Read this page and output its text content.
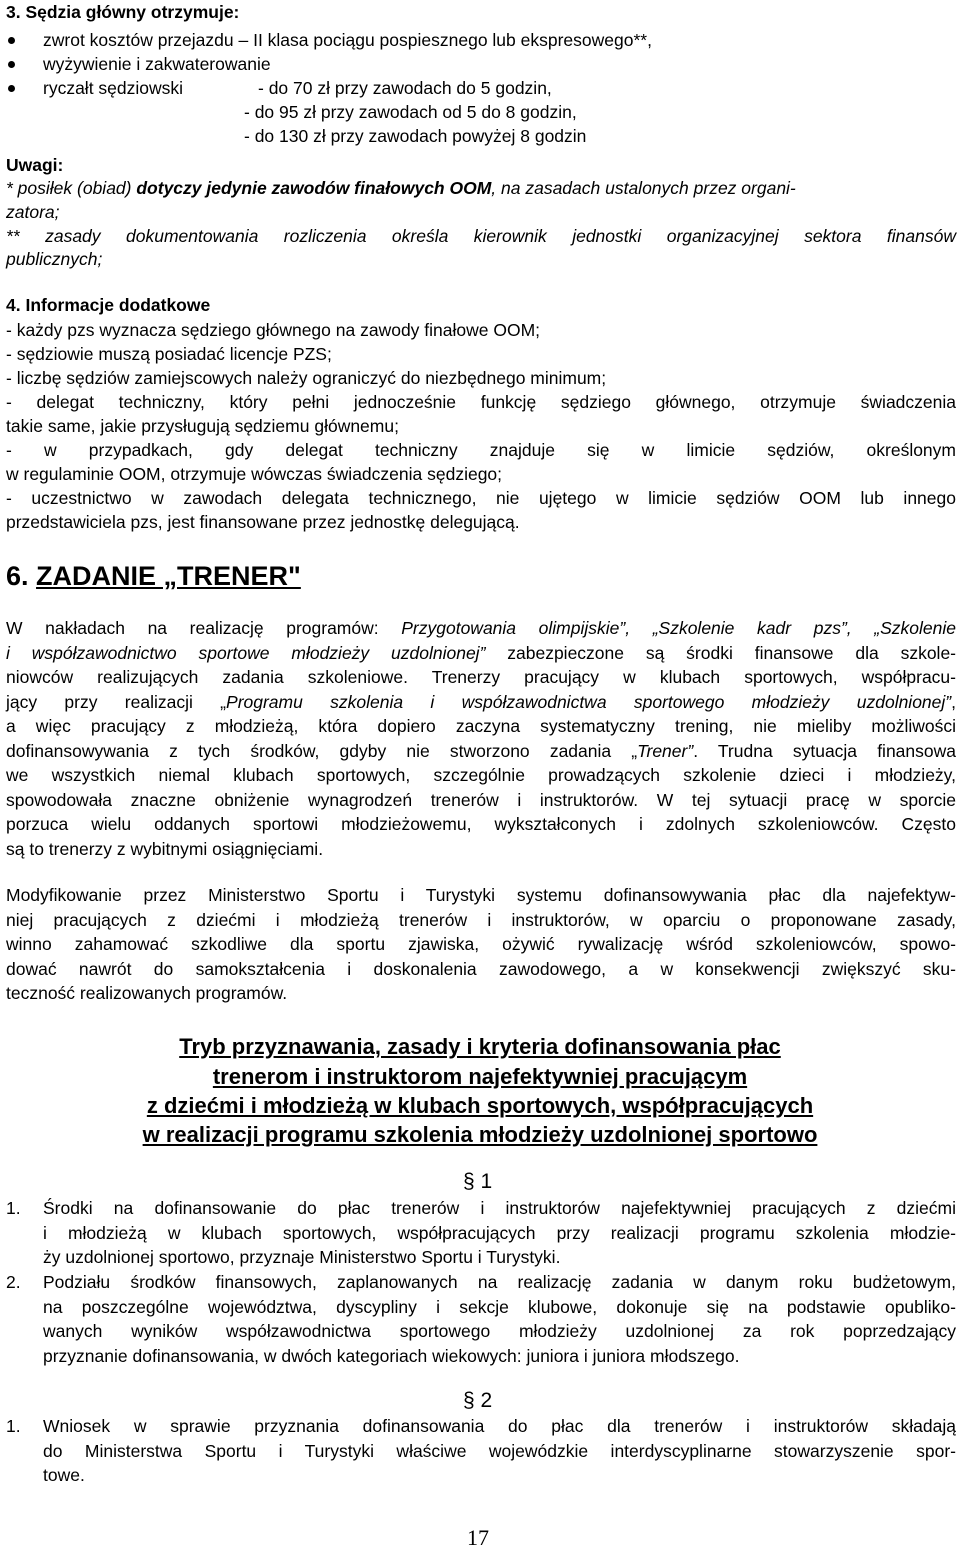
3. Sędzia główny otrzymuje:
zwrot kosztów przejazdu – II klasa pociągu pospiesznego lub ekspresowego**,
wyżywienie i zakwaterowanie
ryczałt sędziowski	- do 70 zł przy zawodach do 5 godzin,
- do 95 zł przy zawodach od 5 do 8 godzin,
- do 130 zł przy zawodach powyżej 8 godzin
Uwagi:
* posiłek (obiad) dotyczy jedynie zawodów finałowych OOM, na zasadach ustalonych przez organi-
zatora;
** zasady dokumentowania rozliczenia określa kierownik jednostki organizacyjnej sektora finansów
publicznych;
4. Informacje dodatkowe
- każdy pzs wyznacza sędziego głównego na zawody finałowe OOM;
- sędziowie muszą posiadać licencje PZS;
- liczbę sędziów zamiejscowych należy ograniczyć do niezbędnego minimum;
- delegat techniczny, który pełni jednocześnie funkcję sędziego głównego, otrzymuje świadczenia
takie same, jakie przysługują sędziemu głównemu;
- w przypadkach, gdy delegat techniczny znajduje się w limicie sędziów, określonym
w regulaminie OOM, otrzymuje wówczas świadczenia sędziego;
- uczestnictwo w zawodach delegata technicznego, nie ujętego w limicie sędziów OOM lub innego
przedstawiciela pzs, jest finansowane przez jednostkę delegującą.
6. ZADANIE „TRENER"
W nakładach na realizację programów: Przygotowania olimpijskie”, „Szkolenie kadr pzs”, „Szkolenie
i współzawodnictwo sportowe młodzieży uzdolnionej” zabezpieczone są środki finansowe dla szkole-
niowców realizujących zadania szkoleniowe. Trenerzy pracujący w klubach sportowych, współpracu-
jący przy realizacji „Programu szkolenia i współzawodnictwa sportowego młodzieży uzdolnionej”,
a więc pracujący z młodzieżą, która dopiero zaczyna systematyczny trening, nie mieliby możliwości
dofinansowywania z tych środków, gdyby nie stworzono zadania „Trener”. Trudna sytuacja finansowa
we wszystkich niemal klubach sportowych, szczególnie prowadzących szkolenie dzieci i młodzieży,
spowodowała znaczne obniżenie wynagrodzeń trenerów i instruktorów. W tej sytuacji pracę w sporcie
porzuca wielu oddanych sportowi młodzieżowemu, wykształconych i zdolnych szkoleniowców. Często
są to trenerzy z wybitnymi osiągnięciami.
Modyfikowanie przez Ministerstwo Sportu i Turystyki systemu dofinansowywania płac dla najefektyw-
niej pracujących z dziećmi i młodzieżą trenerów i instruktorów, w oparciu o proponowane zasady,
winno zahamować szkodliwe dla sportu zjawiska, ożywić rywalizację wśród szkoleniowców, spowo-
dować nawrót do samokształcenia i doskonalenia zawodowego, a w konsekwencji zwiększyć sku-
teczność realizowanych programów.
Tryb przyznawania, zasady i kryteria dofinansowania płac
trenerom i instruktorom najefektywniej pracującym
z dziećmi i młodzieżą w klubach sportowych, współpracujących
w realizacji programu szkolenia młodzieży uzdolnionej sportowo
§ 1
1. Środki na dofinansowanie do płac trenerów i instruktorów najefektywniej pracujących z dziećmi
i młodzieżą w klubach sportowych, współpracujących przy realizacji programu szkolenia młodzie-
ży uzdolnionej sportowo, przyznaje Ministerstwo Sportu i Turystyki.
2. Podziału środków finansowych, zaplanowanych na realizację zadania w danym roku budżetowym,
na poszczególne województwa, dyscypliny i sekcje klubowe, dokonuje się na podstawie opubliko-
wanych wyników współzawodnictwa sportowego młodzieży uzdolnionej za rok poprzedzający
przyznanie dofinansowania, w dwóch kategoriach wiekowych: juniora i juniora młodszego.
§ 2
1. Wniosek w sprawie przyznania dofinansowania do płac dla trenerów i instruktorów składają
do Ministerstwa Sportu i Turystyki właściwe wojewódzkie interdyscyplinarne stowarzyszenie spor-
towe.
17
